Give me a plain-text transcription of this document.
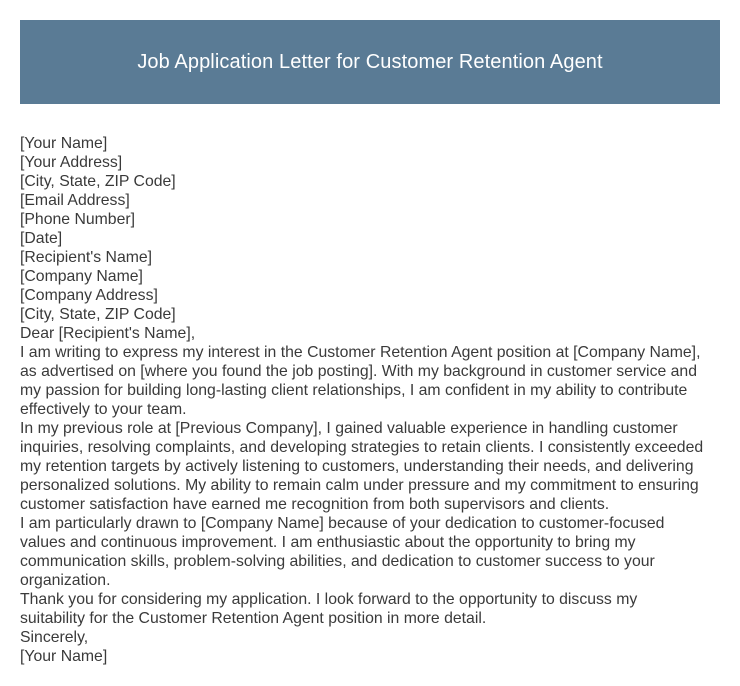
Job Application Letter for Customer Retention Agent
[Your Name]
[Your Address]
[City, State, ZIP Code]
[Email Address]
[Phone Number]
[Date]
[Recipient's Name]
[Company Name]
[Company Address]
[City, State, ZIP Code]
Dear [Recipient's Name],
I am writing to express my interest in the Customer Retention Agent position at [Company Name],
as advertised on [where you found the job posting]. With my background in customer service and
my passion for building long-lasting client relationships, I am confident in my ability to contribute
effectively to your team.
In my previous role at [Previous Company], I gained valuable experience in handling customer
inquiries, resolving complaints, and developing strategies to retain clients. I consistently exceeded
my retention targets by actively listening to customers, understanding their needs, and delivering
personalized solutions. My ability to remain calm under pressure and my commitment to ensuring
customer satisfaction have earned me recognition from both supervisors and clients.
I am particularly drawn to [Company Name] because of your dedication to customer-focused
values and continuous improvement. I am enthusiastic about the opportunity to bring my
communication skills, problem-solving abilities, and dedication to customer success to your
organization.
Thank you for considering my application. I look forward to the opportunity to discuss my
suitability for the Customer Retention Agent position in more detail.
Sincerely,
[Your Name]
